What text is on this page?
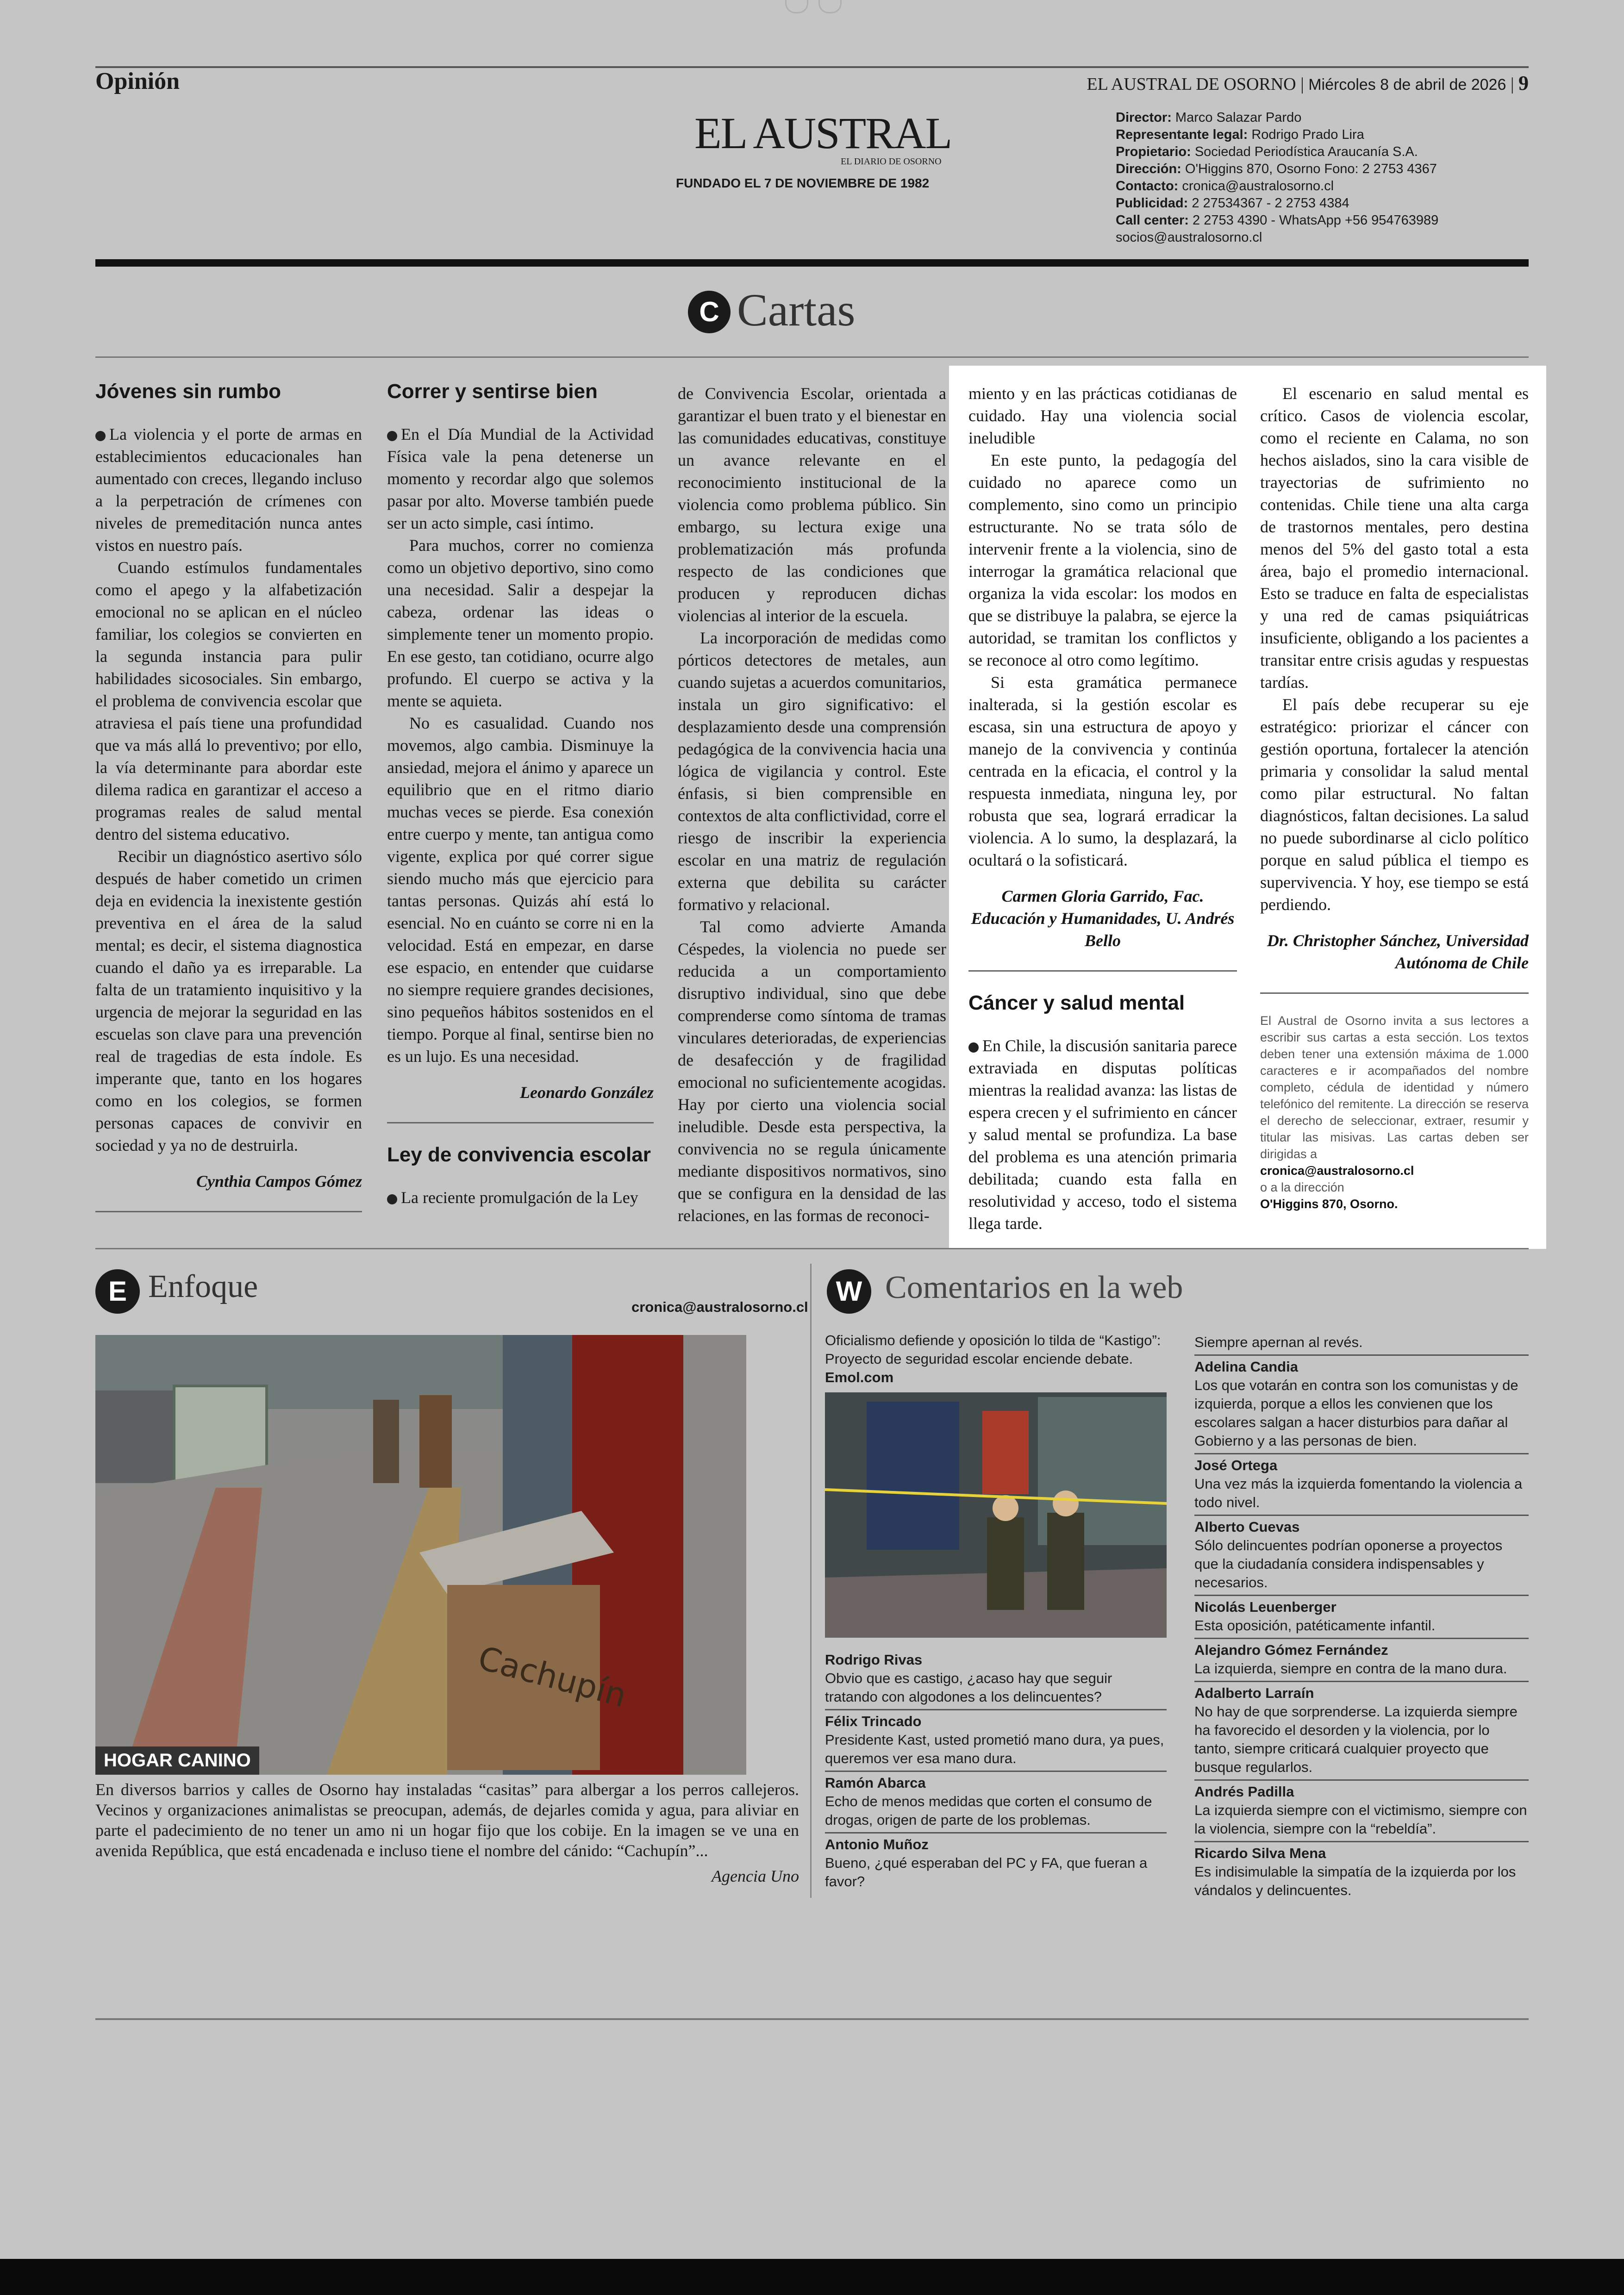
Opinión	EL AUSTRAL DE OSORNO | Miércoles 8 de abril de 2026 | 9
EL AUSTRAL
EL DIARIO DE OSORNO
FUNDADO EL 7 DE NOVIEMBRE DE 1982
Director: Marco Salazar Pardo
Representante legal: Rodrigo Prado Lira
Propietario: Sociedad Periodística Araucanía S.A.
Dirección: O'Higgins 870, Osorno Fono: 2 2753 4367
Contacto: cronica@australosorno.cl
Publicidad: 2 27534367 - 2 2753 4384
Call center: 2 2753 4390 - WhatsApp +56 954763989
socios@australosorno.cl
C Cartas
Jóvenes sin rumbo

La violencia y el porte de armas en establecimientos educacionales han aumentado con creces, llegando incluso a la perpetración de crímenes con niveles de premeditación nunca antes vistos en nuestro país.

Cuando estímulos fundamentales como el apego y la alfabetización emocional no se aplican en el núcleo familiar, los colegios se convierten en la segunda instancia para pulir habilidades sicosociales. Sin embargo, el problema de convivencia escolar que atraviesa el país tiene una profundidad que va más allá lo preventivo; por ello, la vía determinante para abordar este dilema radica en garantizar el acceso a programas reales de salud mental dentro del sistema educativo.

Recibir un diagnóstico asertivo sólo después de haber cometido un crimen deja en evidencia la inexistente gestión preventiva en el área de la salud mental; es decir, el sistema diagnostica cuando el daño ya es irreparable. La falta de un tratamiento inquisitivo y la urgencia de mejorar la seguridad en las escuelas son clave para una prevención real de tragedias de esta índole. Es imperante que, tanto en los hogares como en los colegios, se formen personas capaces de convivir en sociedad y ya no de destruirla.

Cynthia Campos Gómez

Correr y sentirse bien

En el Día Mundial de la Actividad Física vale la pena detenerse un momento y recordar algo que solemos pasar por alto. Moverse también puede ser un acto simple, casi íntimo.

Para muchos, correr no comienza como un objetivo deportivo, sino como una necesidad. Salir a despejar la cabeza, ordenar las ideas o simplemente tener un momento propio. En ese gesto, tan cotidiano, ocurre algo profundo. El cuerpo se activa y la mente se aquieta.

No es casualidad. Cuando nos movemos, algo cambia. Disminuye la ansiedad, mejora el ánimo y aparece un equilibrio que en el ritmo diario muchas veces se pierde. Esa conexión entre cuerpo y mente, tan antigua como vigente, explica por qué correr sigue siendo mucho más que ejercicio para tantas personas. Quizás ahí está lo esencial. No en cuánto se corre ni en la velocidad. Está en empezar, en darse ese espacio, en entender que cuidarse no siempre requiere grandes decisiones, sino pequeños hábitos sostenidos en el tiempo. Porque al final, sentirse bien no es un lujo. Es una necesidad.

Leonardo González

Ley de convivencia escolar

La reciente promulgación de la Ley

de Convivencia Escolar, orientada a garantizar el buen trato y el bienestar en las comunidades educativas, constituye un avance relevante en el reconocimiento institucional de la violencia como problema público. Sin embargo, su lectura exige una problematización más profunda respecto de las condiciones que producen y reproducen dichas violencias al interior de la escuela.

La incorporación de medidas como pórticos detectores de metales, aun cuando sujetas a acuerdos comunitarios, instala un giro significativo: el desplazamiento desde una comprensión pedagógica de la convivencia hacia una lógica de vigilancia y control. Este énfasis, si bien comprensible en contextos de alta conflictividad, corre el riesgo de inscribir la experiencia escolar en una matriz de regulación externa que debilita su carácter formativo y relacional.

Tal como advierte Amanda Céspedes, la violencia no puede ser reducida a un comportamiento disruptivo individual, sino que debe comprenderse como síntoma de tramas vinculares deterioradas, de experiencias de desafección y de fragilidad emocional no suficientemente acogidas. Hay por cierto una violencia social ineludible. Desde esta perspectiva, la convivencia no se regula únicamente mediante dispositivos normativos, sino que se configura en la densidad de las relaciones, en las formas de reconoci-

miento y en las prácticas cotidianas de cuidado. Hay una violencia social ineludible

En este punto, la pedagogía del cuidado no aparece como un complemento, sino como un principio estructurante. No se trata sólo de intervenir frente a la violencia, sino de interrogar la gramática relacional que organiza la vida escolar: los modos en que se distribuye la palabra, se ejerce la autoridad, se tramitan los conflictos y se reconoce al otro como legítimo.

Si esta gramática permanece inalterada, si la gestión escolar es escasa, sin una estructura de apoyo y manejo de la convivencia y continúa centrada en la eficacia, el control y la respuesta inmediata, ninguna ley, por robusta que sea, logrará erradicar la violencia. A lo sumo, la desplazará, la ocultará o la sofisticará.

Carmen Gloria Garrido, Fac. Educación y Humanidades, U. Andrés Bello

Cáncer y salud mental

En Chile, la discusión sanitaria parece extraviada en disputas políticas mientras la realidad avanza: las listas de espera crecen y el sufrimiento en cáncer y salud mental se profundiza. La base del problema es una atención primaria debilitada; cuando esta falla en resolutividad y acceso, todo el sistema llega tarde.

El escenario en salud mental es crítico. Casos de violencia escolar, como el reciente en Calama, no son hechos aislados, sino la cara visible de trayectorias de sufrimiento no contenidas. Chile tiene una alta carga de trastornos mentales, pero destina menos del 5% del gasto total a esta área, bajo el promedio internacional. Esto se traduce en falta de especialistas y una red de camas psiquiátricas insuficiente, obligando a los pacientes a transitar entre crisis agudas y respuestas tardías.

El país debe recuperar su eje estratégico: priorizar el cáncer con gestión oportuna, fortalecer la atención primaria y consolidar la salud mental como pilar estructural. No faltan diagnósticos, faltan decisiones. La salud no puede subordinarse al ciclo político porque en salud pública el tiempo es supervivencia. Y hoy, ese tiempo se está perdiendo.

Dr. Christopher Sánchez, Universidad Autónoma de Chile

El Austral de Osorno invita a sus lectores a escribir sus cartas a esta sección. Los textos deben tener una extensión máxima de 1.000 caracteres e ir acompañados del nombre completo, cédula de identidad y número telefónico del remitente. La dirección se reserva el derecho de seleccionar, extraer, resumir y titular las misivas. Las cartas deben ser dirigidas a
cronica@australosorno.cl
o a la dirección
O'Higgins 870, Osorno.
E Enfoque
cronica@australosorno.cl
Cachupín
HOGAR CANINO
En diversos barrios y calles de Osorno hay instaladas “casitas” para albergar a los perros callejeros. Vecinos y organizaciones animalistas se preocupan, además, de dejarles comida y agua, para aliviar en parte el padecimiento de no tener un amo ni un hogar fijo que los cobije. En la imagen se ve una en avenida República, que está encadenada e incluso tiene el nombre del cánido: “Cachupín”...
Agencia Uno
W Comentarios en la web
Oficialismo defiende y oposición lo tilda de “Kastigo”: Proyecto de seguridad escolar enciende debate. Emol.com
Rodrigo Rivas
Obvio que es castigo, ¿acaso hay que seguir tratando con algodones a los delincuentes?
Félix Trincado
Presidente Kast, usted prometió mano dura, ya pues, queremos ver esa mano dura.
Ramón Abarca
Echo de menos medidas que corten el consumo de drogas, origen de parte de los problemas.
Antonio Muñoz
Bueno, ¿qué esperaban del PC y FA, que fueran a favor?
Siempre apernan al revés.
Adelina Candia
Los que votarán en contra son los comunistas y de izquierda, porque a ellos les convienen que los escolares salgan a hacer disturbios para dañar al Gobierno y a las personas de bien.
José Ortega
Una vez más la izquierda fomentando la violencia a todo nivel.
Alberto Cuevas
Sólo delincuentes podrían oponerse a proyectos que la ciudadanía considera indispensables y necesarios.
Nicolás Leuenberger
Esta oposición, patéticamente infantil.
Alejandro Gómez Fernández
La izquierda, siempre en contra de la mano dura.
Adalberto Larraín
No hay de que sorprenderse. La izquierda siempre ha favorecido el desorden y la violencia, por lo tanto, siempre criticará cualquier proyecto que busque regularlos.
Andrés Padilla
La izquierda siempre con el victimismo, siempre con la violencia, siempre con la “rebeldía”.
Ricardo Silva Mena
Es indisimulable la simpatía de la izquierda por los vándalos y delincuentes.
